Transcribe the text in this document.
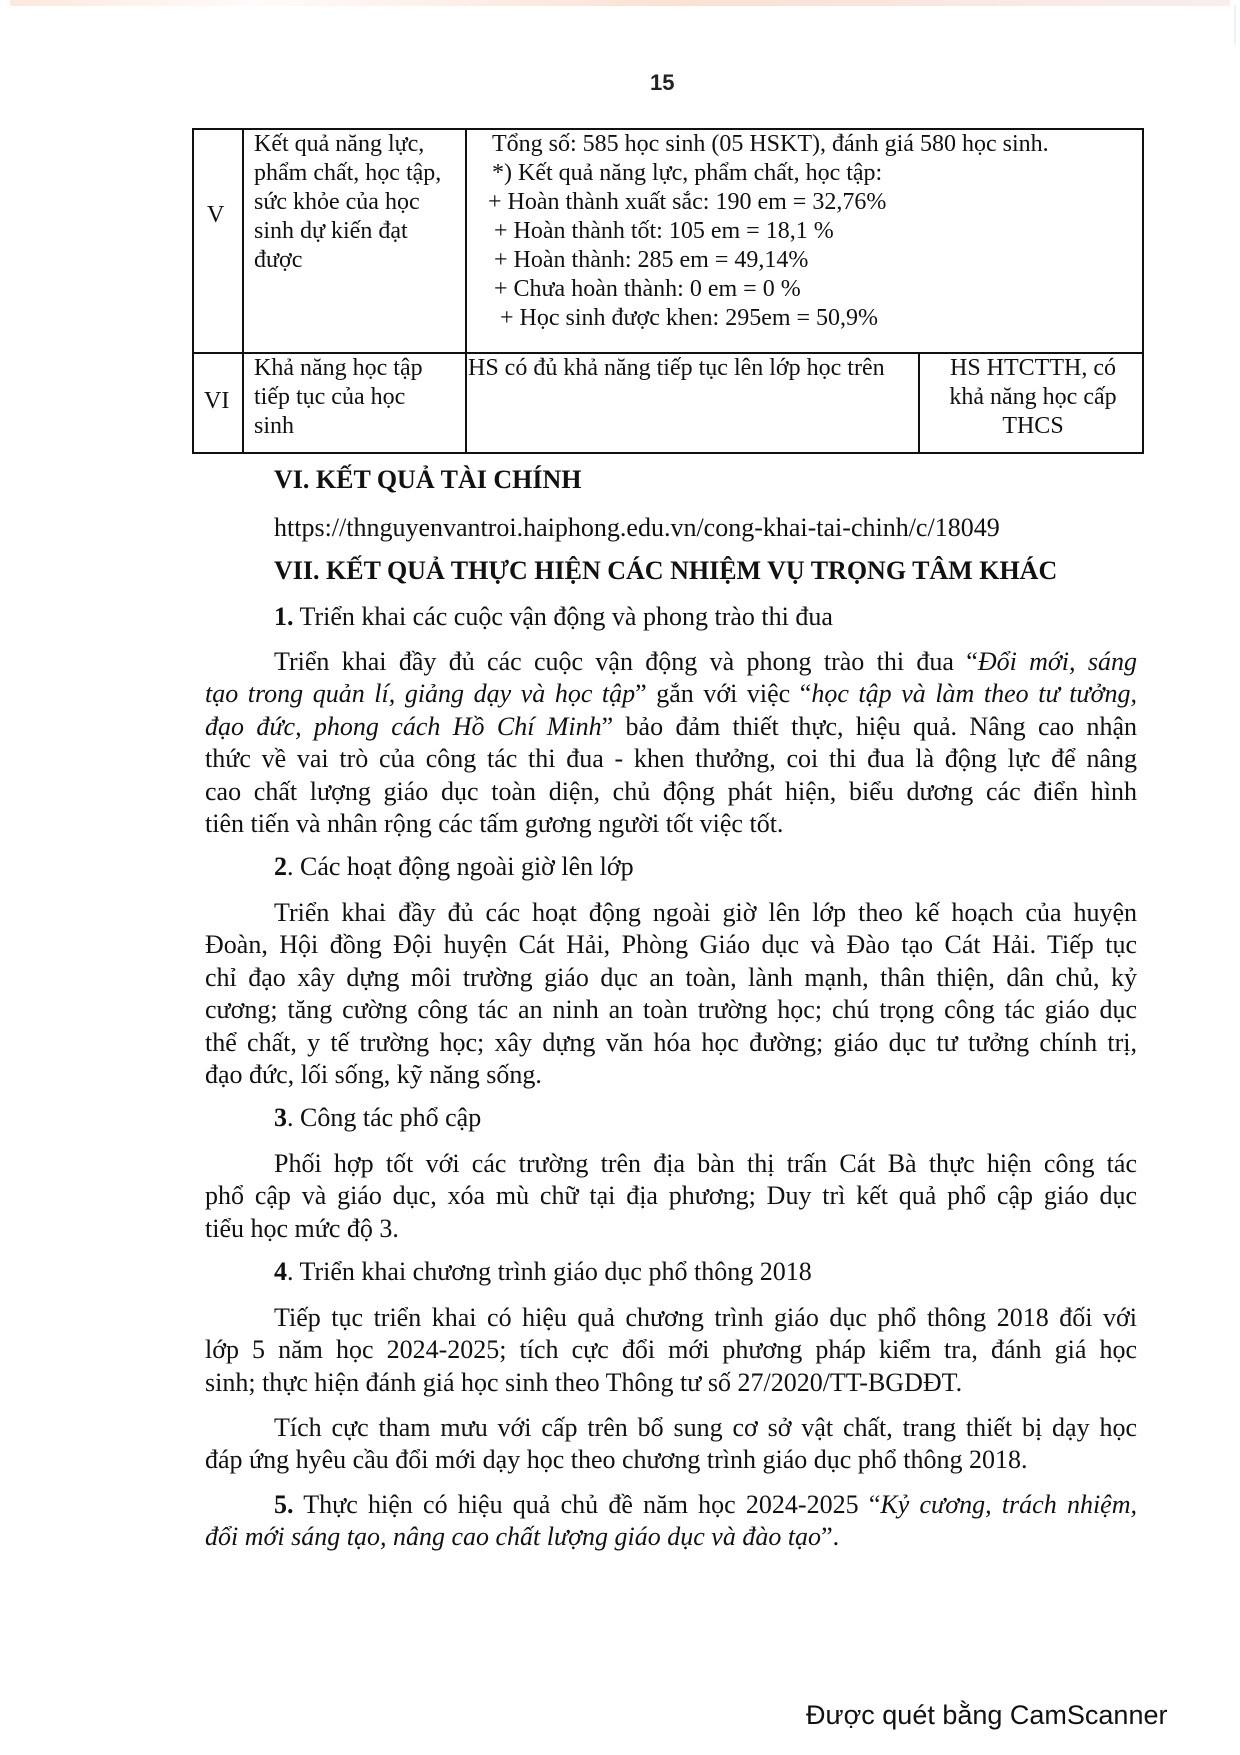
15
V
Kết quả năng lực,
phẩm chất, học tập,
sức khỏe của học
sinh dự kiến đạt
được
Tổng số: 585 học sinh (05 HSKT), đánh giá 580 học sinh.
*) Kết quả năng lực, phẩm chất, học tập:
+ Hoàn thành xuất sắc: 190 em = 32,76%
+ Hoàn thành tốt: 105 em = 18,1 %
+ Hoàn thành: 285 em = 49,14%
+ Chưa hoàn thành: 0 em = 0 %
+ Học sinh được khen: 295em = 50,9%
VI
Khả năng học tập
tiếp tục của học
sinh
HS có đủ khả năng tiếp tục lên lớp học trên	HS HTCTTH, có
khả năng học cấp
THCS
VI. KẾT QUẢ TÀI CHÍNH
https://thnguyenvantroi.haiphong.edu.vn/cong-khai-tai-chinh/c/18049
VII. KẾT QUẢ THỰC HIỆN CÁC NHIỆM VỤ TRỌNG TÂM KHÁC
1. Triển khai các cuộc vận động và phong trào thi đua
Triển khai đầy đủ các cuộc vận động và phong trào thi đua “Đổi mới, sáng
tạo trong quản lí, giảng dạy và học tập” gắn với việc “học tập và làm theo tư tưởng,
đạo đức, phong cách Hồ Chí Minh” bảo đảm thiết thực, hiệu quả. Nâng cao nhận
thức về vai trò của công tác thi đua - khen thưởng, coi thi đua là động lực để nâng
cao chất lượng giáo dục toàn diện, chủ động phát hiện, biểu dương các điển hình
tiên tiến và nhân rộng các tấm gương người tốt việc tốt.
2. Các hoạt động ngoài giờ lên lớp
Triển khai đầy đủ các hoạt động ngoài giờ lên lớp theo kế hoạch của huyện
Đoàn, Hội đồng Đội huyện Cát Hải, Phòng Giáo dục và Đào tạo Cát Hải. Tiếp tục
chỉ đạo xây dựng môi trường giáo dục an toàn, lành mạnh, thân thiện, dân chủ, kỷ
cương; tăng cường công tác an ninh an toàn trường học; chú trọng công tác giáo dục
thể chất, y tế trường học; xây dựng văn hóa học đường; giáo dục tư tưởng chính trị,
đạo đức, lối sống, kỹ năng sống.
3. Công tác phổ cập
Phối hợp tốt với các trường trên địa bàn thị trấn Cát Bà thực hiện công tác
phổ cập và giáo dục, xóa mù chữ tại địa phương; Duy trì kết quả phổ cập giáo dục
tiểu học mức độ 3.
4. Triển khai chương trình giáo dục phổ thông 2018
Tiếp tục triển khai có hiệu quả chương trình giáo dục phổ thông 2018 đối với
lớp 5 năm học 2024-2025; tích cực đổi mới phương pháp kiểm tra, đánh giá học
sinh; thực hiện đánh giá học sinh theo Thông tư số 27/2020/TT-BGDĐT.
Tích cực tham mưu với cấp trên bổ sung cơ sở vật chất, trang thiết bị dạy học
đáp ứng hyêu cầu đổi mới dạy học theo chương trình giáo dục phổ thông 2018.
5. Thực hiện có hiệu quả chủ đề năm học 2024-2025 “Kỷ cương, trách nhiệm,
đổi mới sáng tạo, nâng cao chất lượng giáo dục và đào tạo”.
Được quét bằng CamScanner
